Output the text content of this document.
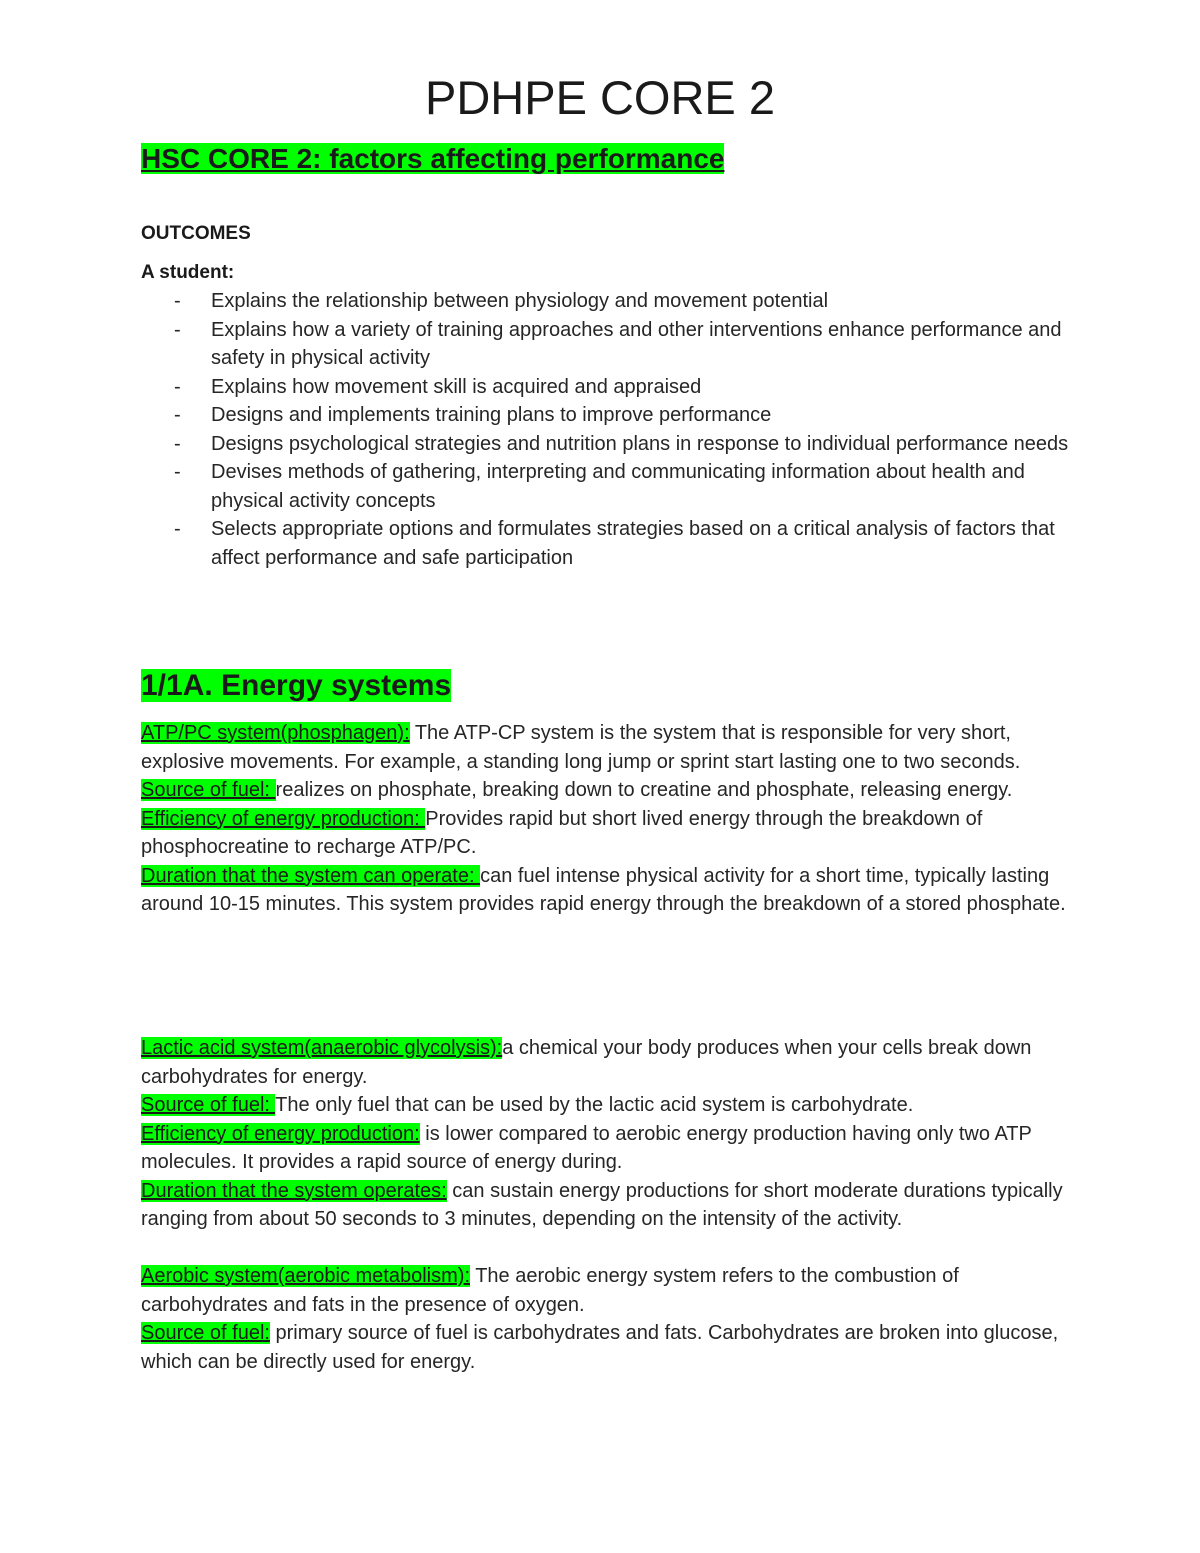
PDHPE CORE 2
HSC CORE 2: factors affecting performance
OUTCOMES
A student:
- Explains the relationship between physiology and movement potential
- Explains how a variety of training approaches and other interventions enhance performance and safety in physical activity
- Explains how movement skill is acquired and appraised
- Designs and implements training plans to improve performance
- Designs psychological strategies and nutrition plans in response to individual performance needs
- Devises methods of gathering, interpreting and communicating information about health and physical activity concepts
- Selects appropriate options and formulates strategies based on a critical analysis of factors that affect performance and safe participation
1/1A. Energy systems

ATP/PC system(phosphagen): The ATP-CP system is the system that is responsible for very short, explosive movements. For example, a standing long jump or sprint start lasting one to two seconds.

Source of fuel: realizes on phosphate, breaking down to creatine and phosphate, releasing energy.

Efficiency of energy production: Provides rapid but short lived energy through the breakdown of phosphocreatine to recharge ATP/PC.

Duration that the system can operate: can fuel intense physical activity for a short time, typically lasting around 10-15 minutes. This system provides rapid energy through the breakdown of a stored phosphate.

Lactic acid system(anaerobic glycolysis):a chemical your body produces when your cells break down carbohydrates for energy.

Source of fuel: The only fuel that can be used by the lactic acid system is carbohydrate.

Efficiency of energy production: is lower compared to aerobic energy production having only two ATP molecules. It provides a rapid source of energy during.

Duration that the system operates: can sustain energy productions for short moderate durations typically ranging from about 50 seconds to 3 minutes, depending on the intensity of the activity.

Aerobic system(aerobic metabolism): The aerobic energy system refers to the combustion of carbohydrates and fats in the presence of oxygen.

Source of fuel: primary source of fuel is carbohydrates and fats. Carbohydrates are broken into glucose, which can be directly used for energy.
